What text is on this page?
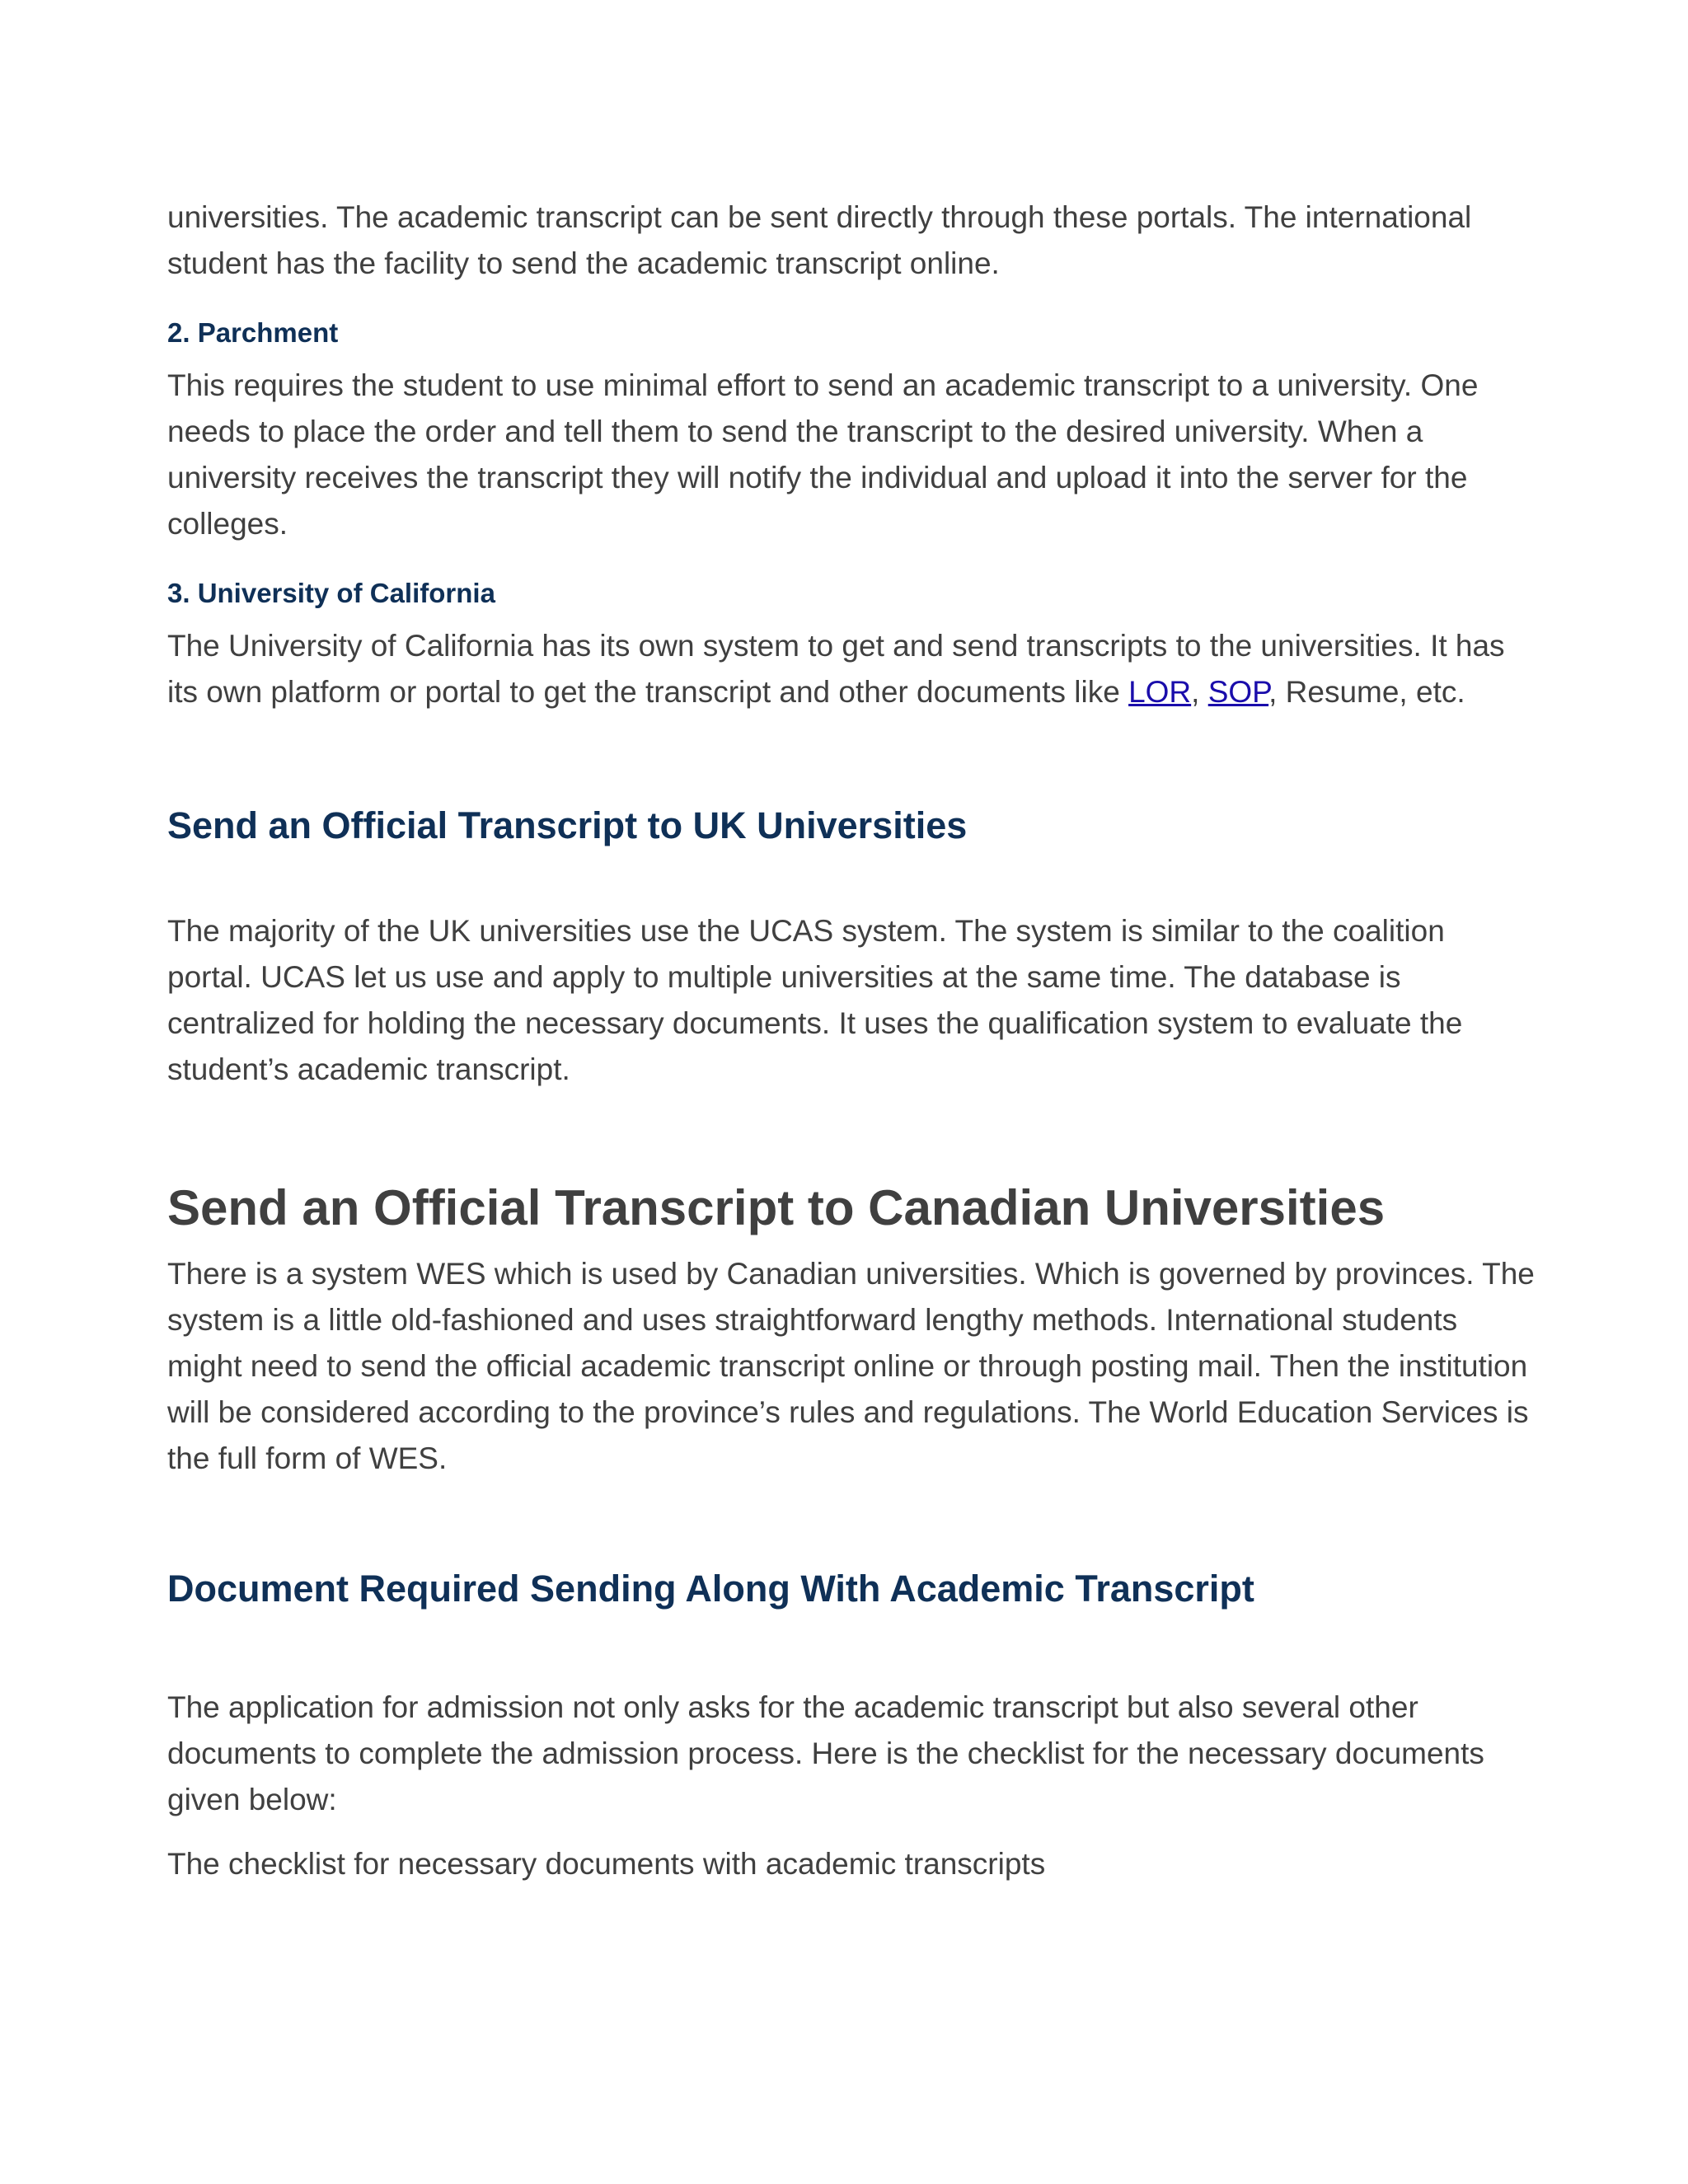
universities. The academic transcript can be sent directly through these portals. The international student has the facility to send the academic transcript online.

2. Parchment

This requires the student to use minimal effort to send an academic transcript to a university. One needs to place the order and tell them to send the transcript to the desired university. When a university receives the transcript they will notify the individual and upload it into the server for the colleges.

3. University of California

The University of California has its own system to get and send transcripts to the universities. It has its own platform or portal to get the transcript and other documents like LOR, SOP, Resume, etc.

Send an Official Transcript to UK Universities

The majority of the UK universities use the UCAS system. The system is similar to the coalition portal. UCAS let us use and apply to multiple universities at the same time. The database is centralized for holding the necessary documents. It uses the qualification system to evaluate the student’s academic transcript.

Send an Official Transcript to Canadian Universities

There is a system WES which is used by Canadian universities. Which is governed by provinces. The system is a little old-fashioned and uses straightforward lengthy methods. International students might need to send the official academic transcript online or through posting mail. Then the institution will be considered according to the province’s rules and regulations. The World Education Services is the full form of WES.

Document Required Sending Along With Academic Transcript

The application for admission not only asks for the academic transcript but also several other documents to complete the admission process. Here is the checklist for the necessary documents given below:

The checklist for necessary documents with academic transcripts
